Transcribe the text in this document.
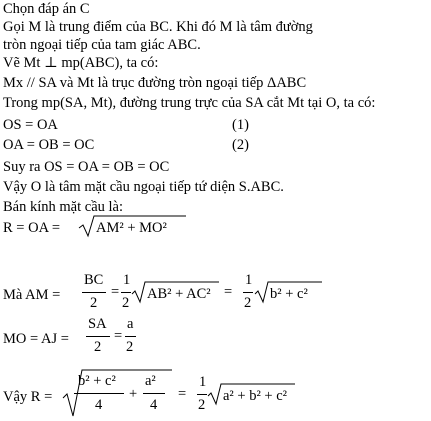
Chọn đáp án C
Gọi M là trung điểm của BC. Khi đó M là tâm đường
tròn ngoại tiếp của tam giác ABC.
Vẽ Mt ⊥ mp(ABC), ta có:
Mx // SA và Mt là trục đường tròn ngoại tiếp ΔABC
Trong mp(SA, Mt), đường trung trực của SA cắt Mt tại O, ta có:
OS = OA	(1)
OA = OB = OC	(2)
Suy ra OS = OA = OB = OC
Vậy O là tâm mặt cầu ngoại tiếp tứ diện S.ABC.
Bán kính mặt cầu là:
R = OA = AM² + MO²
Mà AM =
BC
2
=
1
2
AB² + AC² =
1
2
b² + c²
MO = AJ =
SA
2
=
a
2
Vậy R =
b² + c²
4
+
a²
4
=
1
2
a² + b² + c²
